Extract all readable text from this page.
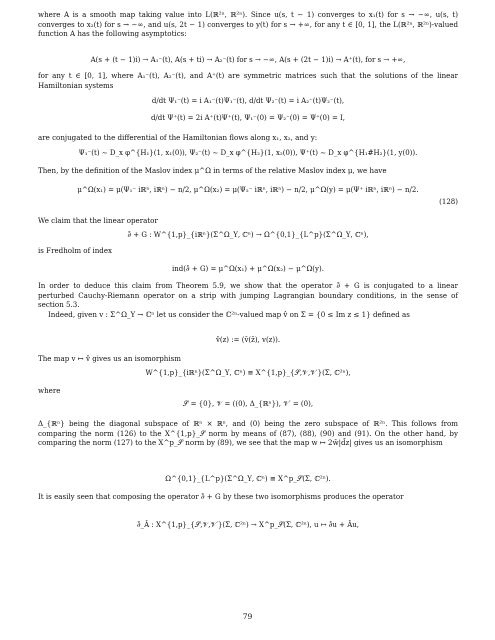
where A is a smooth map taking value into L(ℝ²ⁿ, ℝ²ⁿ). Since u(s, t − 1) converges to x₁(t) for s → −∞, u(s, t) converges to x₂(t) for s → −∞, and u(s, 2t − 1) converges to y(t) for s → +∞, for any t ∈ [0, 1], the L(ℝ²ⁿ, ℝ²ⁿ)-valued function A has the following asymptotics:

A(s + (t − 1)i) → A₁⁻(t), A(s + ti) → A₂⁻(t) for s → −∞, A(s + (2t − 1)i) → A⁺(t), for s → +∞,

for any t ∈ [0, 1], where A₁⁻(t), A₂⁻(t), and A⁺(t) are symmetric matrices such that the solutions of the linear Hamiltonian systems

d/dt Ψ₁⁻(t) = i A₁⁻(t)Ψ₁⁻(t), d/dt Ψ₂⁻(t) = i A₂⁻(t)Ψ₂⁻(t),

d/dt Ψ⁺(t) = 2i A⁺(t)Ψ⁺(t), Ψ₁⁻(0) = Ψ₂⁻(0) = Ψ⁺(0) = I,

are conjugated to the differential of the Hamiltonian flows along x₁, x₂, and y:

Ψ₁⁻(t) ∼ D_x φ^{H₁}(1, x₁(0)), Ψ₂⁻(t) ∼ D_x φ^{H₂}(1, x₂(0)), Ψ⁺(t) ∼ D_x φ^{H₁#H₂}(1, y(0)).

Then, by the definition of the Maslov index μ^Ω in terms of the relative Maslov index μ, we have

μ^Ω(x₁) = μ(Ψ₁⁻ iℝⁿ, iℝⁿ) − n/2, μ^Ω(x₂) = μ(Ψ₂⁻ iℝⁿ, iℝⁿ) − n/2, μ^Ω(y) = μ(Ψ⁺ iℝⁿ, iℝⁿ) − n/2.

(128)

We claim that the linear operator

∂̄ + G : W^{1,p}_{iℝⁿ}(Σ^Ω_Υ, ℂⁿ) → Ω^{0,1}_{L^p}(Σ^Ω_Υ, ℂⁿ),

is Fredholm of index

ind(∂̄ + G) = μ^Ω(x₁) + μ^Ω(x₂) − μ^Ω(y).

In order to deduce this claim from Theorem 5.9, we show that the operator ∂̄ + G is conjugated to a linear perturbed Cauchy-Riemann operator on a strip with jumping Lagrangian boundary conditions, in the sense of section 5.3.

Indeed, given v : Σ^Ω_Υ → ℂⁿ let us consider the ℂ²ⁿ-valued map v̂ on Σ = {0 ≤ Im z ≤ 1} defined as

v̂(z) := (v̄(z̄), v(z)).

The map v ↦ v̂ gives us an isomorphism

W^{1,p}_{iℝⁿ}(Σ^Ω_Υ, ℂⁿ) ≅ X^{1,p}_{𝒮,𝒱,𝒱′}(Σ, ℂ²ⁿ),

where

𝒮 = {0}, 𝒱 = ((0), Δ_{ℝⁿ}), 𝒱′ = (0),

Δ_{ℝⁿ} being the diagonal subspace of ℝⁿ × ℝⁿ, and (0) being the zero subspace of ℝ²ⁿ. This follows from comparing the norm (126) to the X^{1,p}_𝒮 norm by means of (87), (88), (90) and (91). On the other hand, by comparing the norm (127) to the X^p_𝒮 norm by (89), we see that the map w ↦ 2w̄|d̄z| gives us an isomorphism

Ω^{0,1}_{L^p}(Σ^Ω_Υ, ℂⁿ) ≅ X^p_𝒮(Σ, ℂ²ⁿ).

It is easily seen that composing the operator ∂̄ + G by these two isomorphisms produces the operator

∂̄_Â : X^{1,p}_{𝒮,𝒱,𝒱′}(Σ, ℂ²ⁿ) → X^p_𝒮(Σ, ℂ²ⁿ), u ↦ ∂̄u + Âu,

79
